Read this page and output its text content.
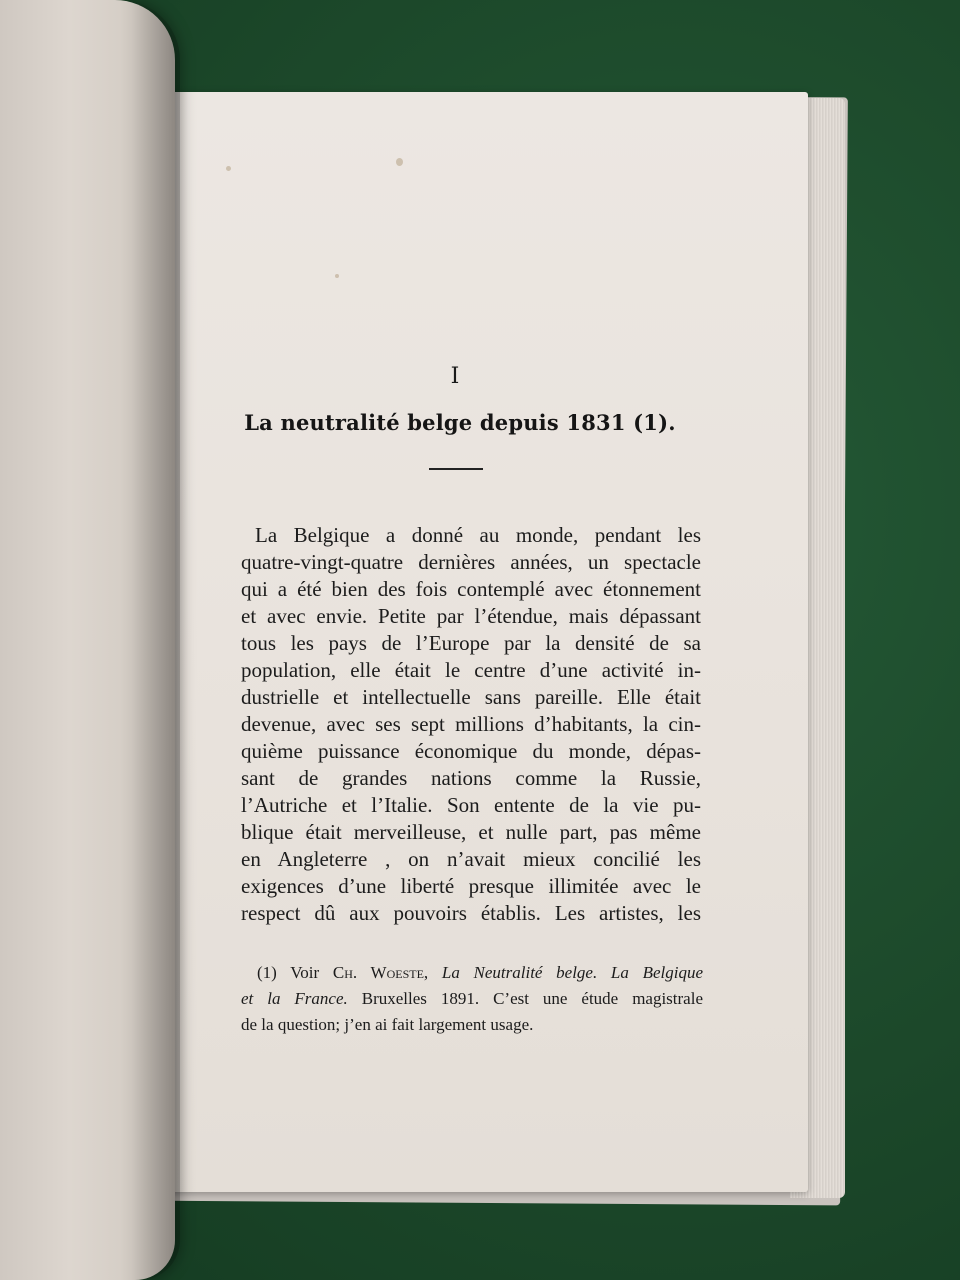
I
La neutralité belge depuis 1831 (1).
La Belgique a donné au monde, pendant les
quatre-vingt-quatre dernières années, un spectacle
qui a été bien des fois contemplé avec étonnement
et avec envie. Petite par l’étendue, mais dépassant
tous les pays de l’Europe par la densité de sa
population, elle était le centre d’une activité in-
dustrielle et intellectuelle sans pareille. Elle était
devenue, avec ses sept millions d’habitants, la cin-
quième puissance économique du monde, dépas-
sant de grandes nations comme la Russie,
l’Autriche et l’Italie. Son entente de la vie pu-
blique était merveilleuse, et nulle part, pas même
en Angleterre , on n’avait mieux concilié les
exigences d’une liberté presque illimitée avec le
respect dû aux pouvoirs établis. Les artistes, les
(1) Voir Ch. Woeste, La Neutralité belge. La Belgique
et la France. Bruxelles 1891. C’est une étude magistrale
de la question; j’en ai fait largement usage.
